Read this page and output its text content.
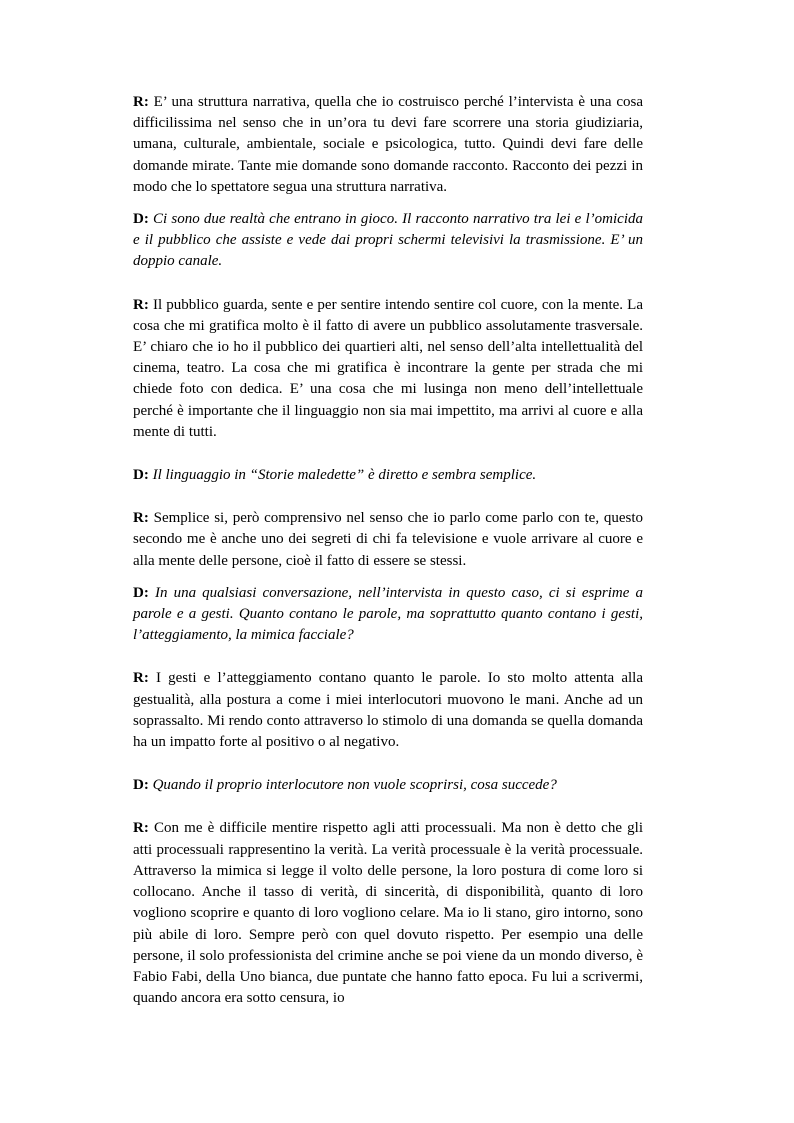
R: E’ una struttura narrativa, quella che io costruisco perché l’intervista è una cosa difficilissima nel senso che in un’ora tu devi fare scorrere una storia giudiziaria, umana, culturale, ambientale, sociale e psicologica, tutto. Quindi devi fare delle domande mirate. Tante mie domande sono domande racconto. Racconto dei pezzi in modo che lo spettatore segua una struttura narrativa.

D: Ci sono due realtà che entrano in gioco. Il racconto narrativo tra lei e l’omicida e il pubblico che assiste e vede dai propri schermi televisivi la trasmissione. E’ un doppio canale.

R: Il pubblico guarda, sente e per sentire intendo sentire col cuore, con la mente. La cosa che mi gratifica molto è il fatto di avere un pubblico assolutamente trasversale. E’ chiaro che io ho il pubblico dei quartieri alti, nel senso dell’alta intellettualità del cinema, teatro. La cosa che mi gratifica è incontrare la gente per strada che mi chiede foto con dedica. E’ una cosa che mi lusinga non meno dell’intellettuale perché è importante che il linguaggio non sia mai impettito, ma arrivi al cuore e alla mente di tutti.

D: Il linguaggio in “Storie maledette” è diretto e sembra semplice.

R: Semplice si, però comprensivo nel senso che io parlo come parlo con te, questo secondo me è anche uno dei segreti di chi fa televisione e vuole arrivare al cuore e alla mente delle persone, cioè il fatto di essere se stessi.

D: In una qualsiasi conversazione, nell’intervista in questo caso, ci si esprime a parole e a gesti. Quanto contano le parole, ma soprattutto quanto contano i gesti, l’atteggiamento, la mimica facciale?

R: I gesti e l’atteggiamento contano quanto le parole. Io sto molto attenta alla gestualità, alla postura a come i miei interlocutori muovono le mani. Anche ad un soprassalto. Mi rendo conto attraverso lo stimolo di una domanda se quella domanda ha un impatto forte al positivo o al negativo.

D: Quando il proprio interlocutore non vuole scoprirsi, cosa succede?

R: Con me è difficile mentire rispetto agli atti processuali. Ma non è detto che gli atti processuali rappresentino la verità. La verità processuale è la verità processuale. Attraverso la mimica si legge il volto delle persone, la loro postura di come loro si collocano. Anche il tasso di verità, di sincerità, di disponibilità, quanto di loro vogliono scoprire e quanto di loro vogliono celare. Ma io li stano, giro intorno, sono più abile di loro. Sempre però con quel dovuto rispetto. Per esempio una delle persone, il solo professionista del crimine anche se poi viene da un mondo diverso, è Fabio Fabi, della Uno bianca, due puntate che hanno fatto epoca. Fu lui a scrivermi, quando ancora era sotto censura, io
